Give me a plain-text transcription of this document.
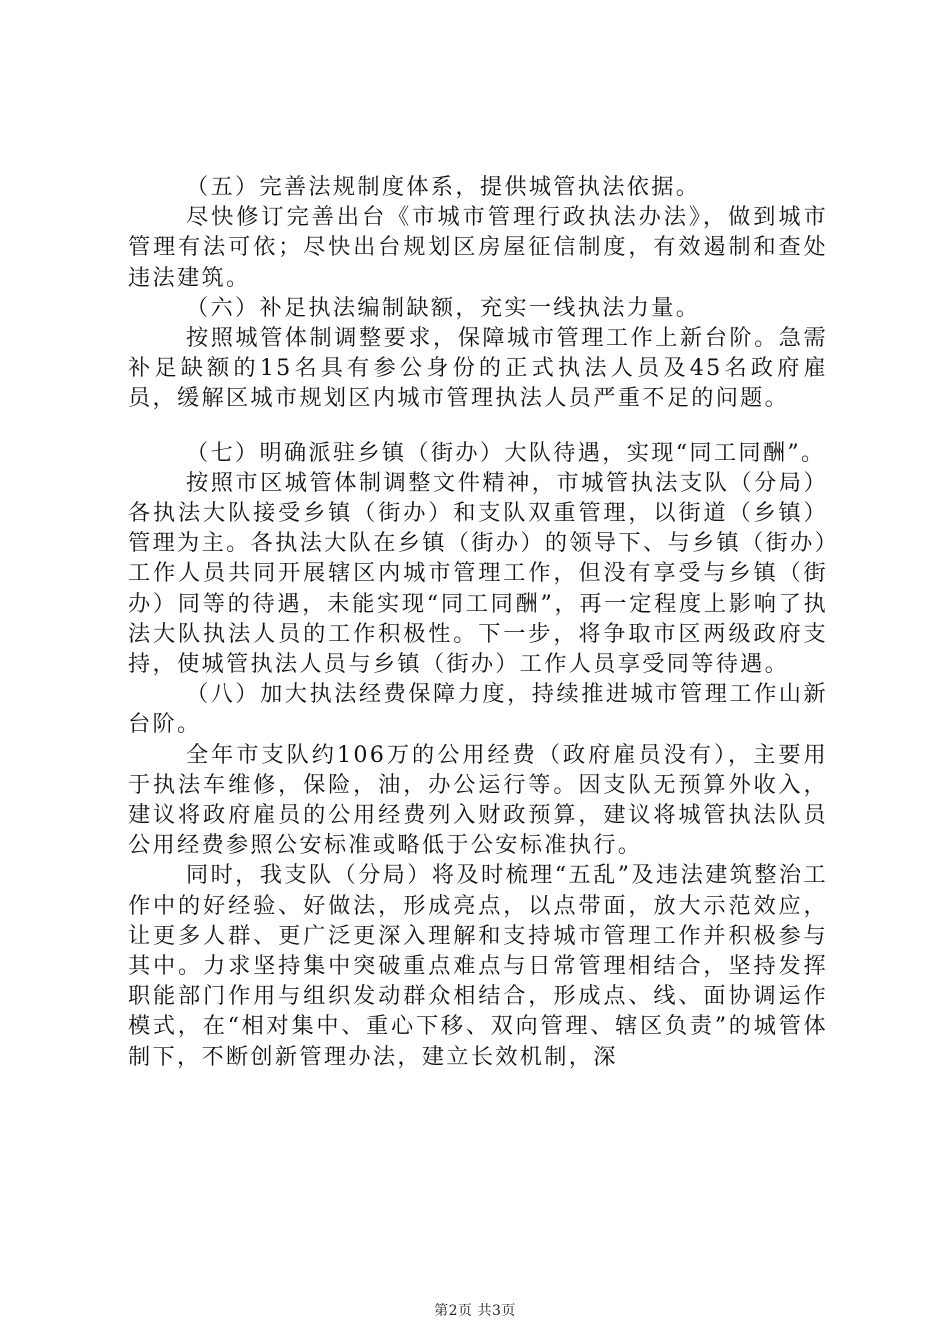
（五）完善法规制度体系，提供城管执法依据。

尽快修订完善出台《市城市管理行政执法办法》，做到城市管理有法可依；尽快出台规划区房屋征信制度，有效遏制和查处违法建筑。

（六）补足执法编制缺额，充实一线执法力量。

按照城管体制调整要求，保障城市管理工作上新台阶。急需补足缺额的15名具有参公身份的正式执法人员及45名政府雇员，缓解区城市规划区内城市管理执法人员严重不足的问题。

（七）明确派驻乡镇（街办）大队待遇，实现“同工同酬”。

按照市区城管体制调整文件精神，市城管执法支队（分局）各执法大队接受乡镇（街办）和支队双重管理，以街道（乡镇）管理为主。各执法大队在乡镇（街办）的领导下、与乡镇（街办）工作人员共同开展辖区内城市管理工作，但没有享受与乡镇（街办）同等的待遇，未能实现“同工同酬”，再一定程度上影响了执法大队执法人员的工作积极性。下一步，将争取市区两级政府支持，使城管执法人员与乡镇（街办）工作人员享受同等待遇。

（八）加大执法经费保障力度，持续推进城市管理工作山新台阶。

全年市支队约106万的公用经费（政府雇员没有），主要用于执法车维修，保险，油，办公运行等。因支队无预算外收入，建议将政府雇员的公用经费列入财政预算，建议将城管执法队员公用经费参照公安标准或略低于公安标准执行。

同时，我支队（分局）将及时梳理“五乱”及违法建筑整治工作中的好经验、好做法，形成亮点，以点带面，放大示范效应，让更多人群、更广泛更深入理解和支持城市管理工作并积极参与其中。力求坚持集中突破重点难点与日常管理相结合，坚持发挥职能部门作用与组织发动群众相结合，形成点、线、面协调运作模式，在“相对集中、重心下移、双向管理、辖区负责”的城管体制下，不断创新管理办法，建立长效机制，深

第2页 共3页
